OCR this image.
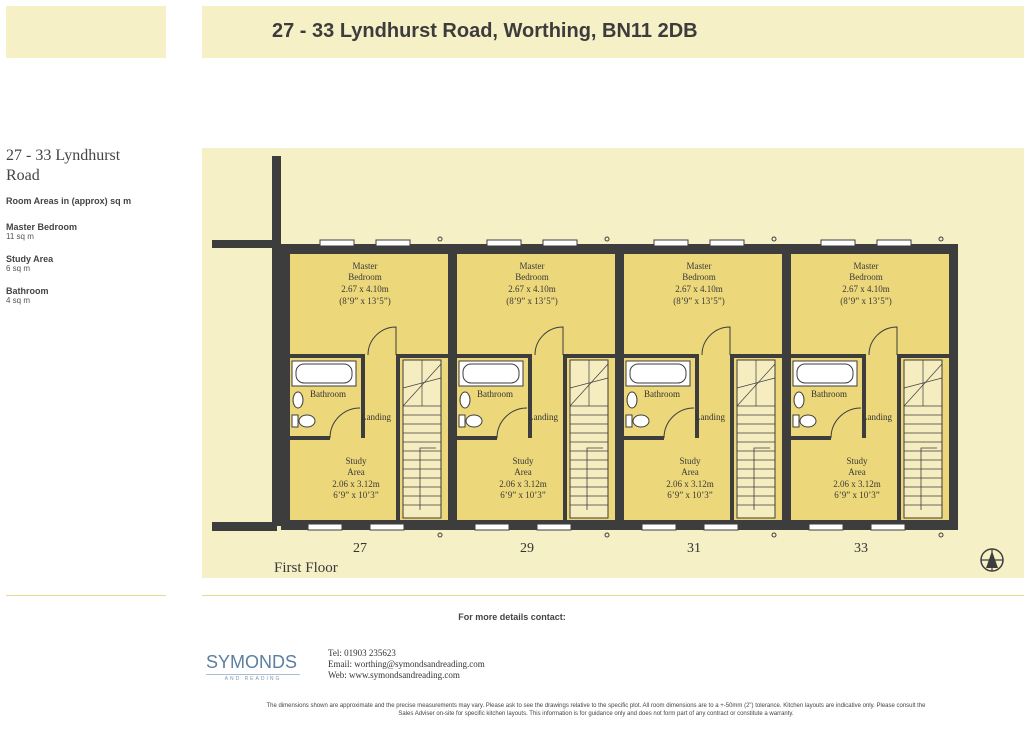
27 - 33 Lyndhurst Road, Worthing, BN11 2DB
27 - 33 Lyndhurst
Road
Room Areas in (approx) sq m
Master Bedroom
11 sq m
Study Area
6 sq m
Bathroom
4 sq m
Master
Bedroom
2.67 x 4.10m
(8’9” x 13’5”)
Bathroom
Landing
Study
Area
2.06 x 3.12m
6’9” x 10’3”
27
Master
Bedroom
2.67 x 4.10m
(8’9” x 13’5”)
Bathroom
Landing
Study
Area
2.06 x 3.12m
6’9” x 10’3”
29
Master
Bedroom
2.67 x 4.10m
(8’9” x 13’5”)
Bathroom
Landing
Study
Area
2.06 x 3.12m
6’9” x 10’3”
31
Master
Bedroom
2.67 x 4.10m
(8’9” x 13’5”)
Bathroom
Landing
Study
Area
2.06 x 3.12m
6’9” x 10’3”
33
First Floor
For more details contact:
SYMONDS
AND READING
Tel: 01903 235623
Email: worthing@symondsandreading.com
Web: www.symondsandreading.com
The dimensions shown are approximate and the precise measurements may vary. Please ask to see the drawings relative to the specific plot. All room dimensions are to a +-50mm (2") tolerance. Kitchen layouts are indicative only. Please consult the
Sales Adviser on-site for specific kitchen layouts. This information is for guidance only and does not form part of any contract or constitute a warranty.
